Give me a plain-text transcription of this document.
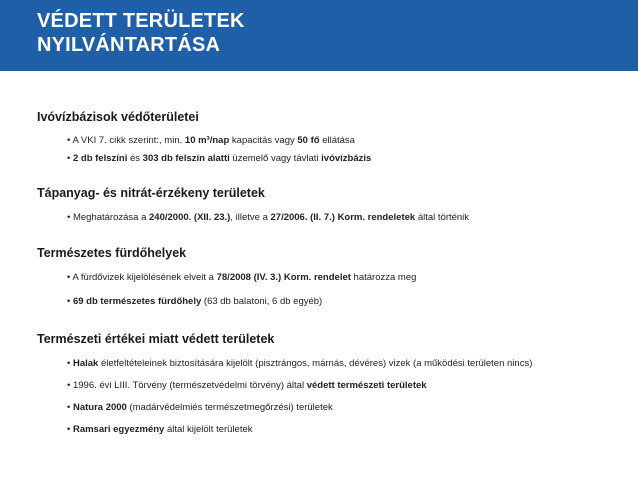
VÉDETT TERÜLETEK
NYILVÁNTARTÁSA
Ivóvízbázisok védőterületei

• A VKI 7. cikk szerint:, min. 10 m³/nap kapacitás vagy 50 fő ellátása

• 2 db felszíni és 303 db felszín alatti üzemelő vagy távlati ivóvízbázis

Tápanyag- és nitrát-érzékeny területek

• Meghatározása a 240/2000. (XII. 23.), illetve a 27/2006. (II. 7.) Korm. rendeletek által történik

Természetes fürdőhelyek

• A fürdővizek kijelölésének elveit a 78/2008 (IV. 3.) Korm. rendelet határozza meg

• 69 db természetes fürdőhely (63 db balatoni, 6 db egyéb)

Természeti értékei miatt védett területek

• Halak életfeltételeinek biztosítására kijelölt (pisztrángos, márnás, dévéres) vizek (a működési területen nincs)

• 1996. évi LIII. Törvény (természetvédelmi törvény) által védett természeti területek

• Natura 2000 (madárvédelmiés természetmegőrzési) területek

• Ramsari egyezmény által kijelölt területek
